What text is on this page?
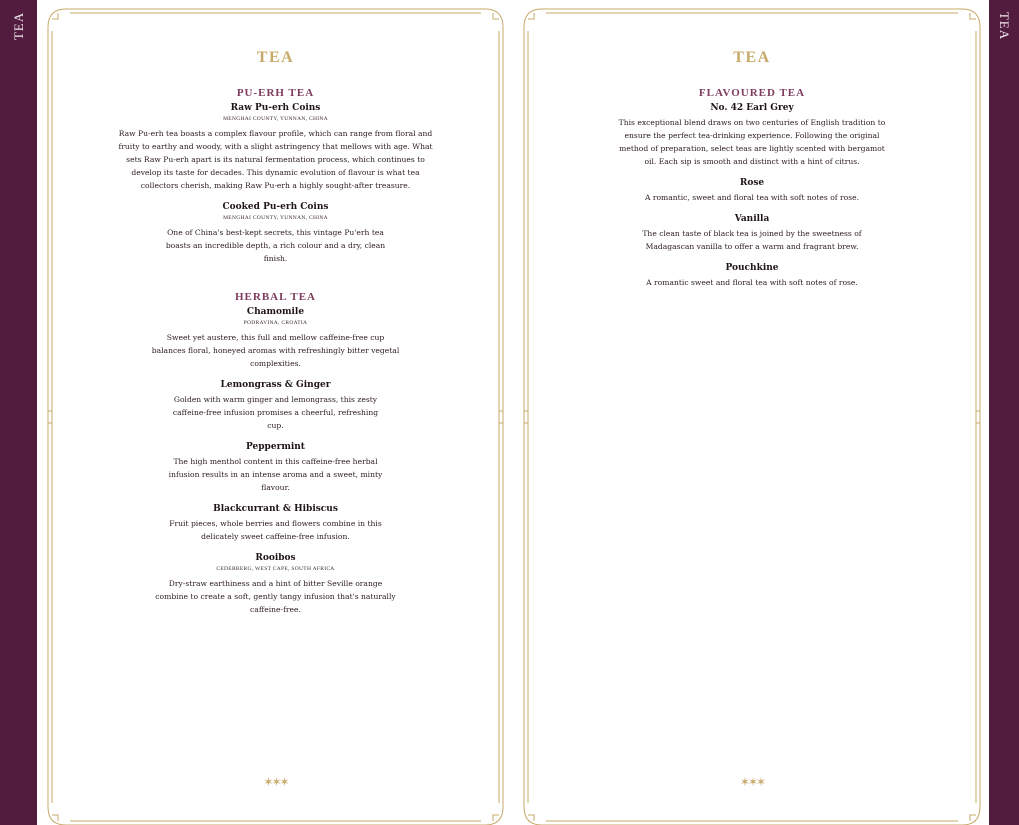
TEA	TEA
TEA
PU-ERH TEA
Raw Pu-erh Coins
MENGHAI COUNTY, YUNNAN, CHINA
Raw Pu-erh tea boasts a complex flavour profile, which can range from floral and fruity to earthy and woody, with a slight astringency that mellows with age. What sets Raw Pu-erh apart is its natural fermentation process, which continues to develop its taste for decades. This dynamic evolution of flavour is what tea collectors cherish, making Raw Pu-erh a highly sought-after treasure.
Cooked Pu-erh Coins
MENGHAI COUNTY, YUNNAN, CHINA
One of China's best-kept secrets, this vintage Pu'erh tea boasts an incredible depth, a rich colour and a dry, clean finish.
HERBAL TEA
Chamomile
PODRAVINA, CROATIA
Sweet yet austere, this full and mellow caffeine-free cup balances floral, honeyed aromas with refreshingly bitter vegetal complexities.
Lemongrass & Ginger
Golden with warm ginger and lemongrass, this zesty caffeine-free infusion promises a cheerful, refreshing cup.
Peppermint
The high menthol content in this caffeine-free herbal infusion results in an intense aroma and a sweet, minty flavour.
Blackcurrant & Hibiscus
Fruit pieces, whole berries and flowers combine in this delicately sweet caffeine-free infusion.
Rooibos
CEDERBERG, WEST CAPE, SOUTH AFRICA
Dry-straw earthiness and a hint of bitter Seville orange combine to create a soft, gently tangy infusion that's naturally caffeine-free.
✶✶✶
TEA
FLAVOURED TEA
No. 42 Earl Grey
This exceptional blend draws on two centuries of English tradition to ensure the perfect tea-drinking experience. Following the original method of preparation, select teas are lightly scented with bergamot oil. Each sip is smooth and distinct with a hint of citrus.
Rose
A romantic, sweet and floral tea with soft notes of rose.
Vanilla
The clean taste of black tea is joined by the sweetness of Madagascan vanilla to offer a warm and fragrant brew.
Pouchkine
A romantic sweet and floral tea with soft notes of rose.
✶✶✶
